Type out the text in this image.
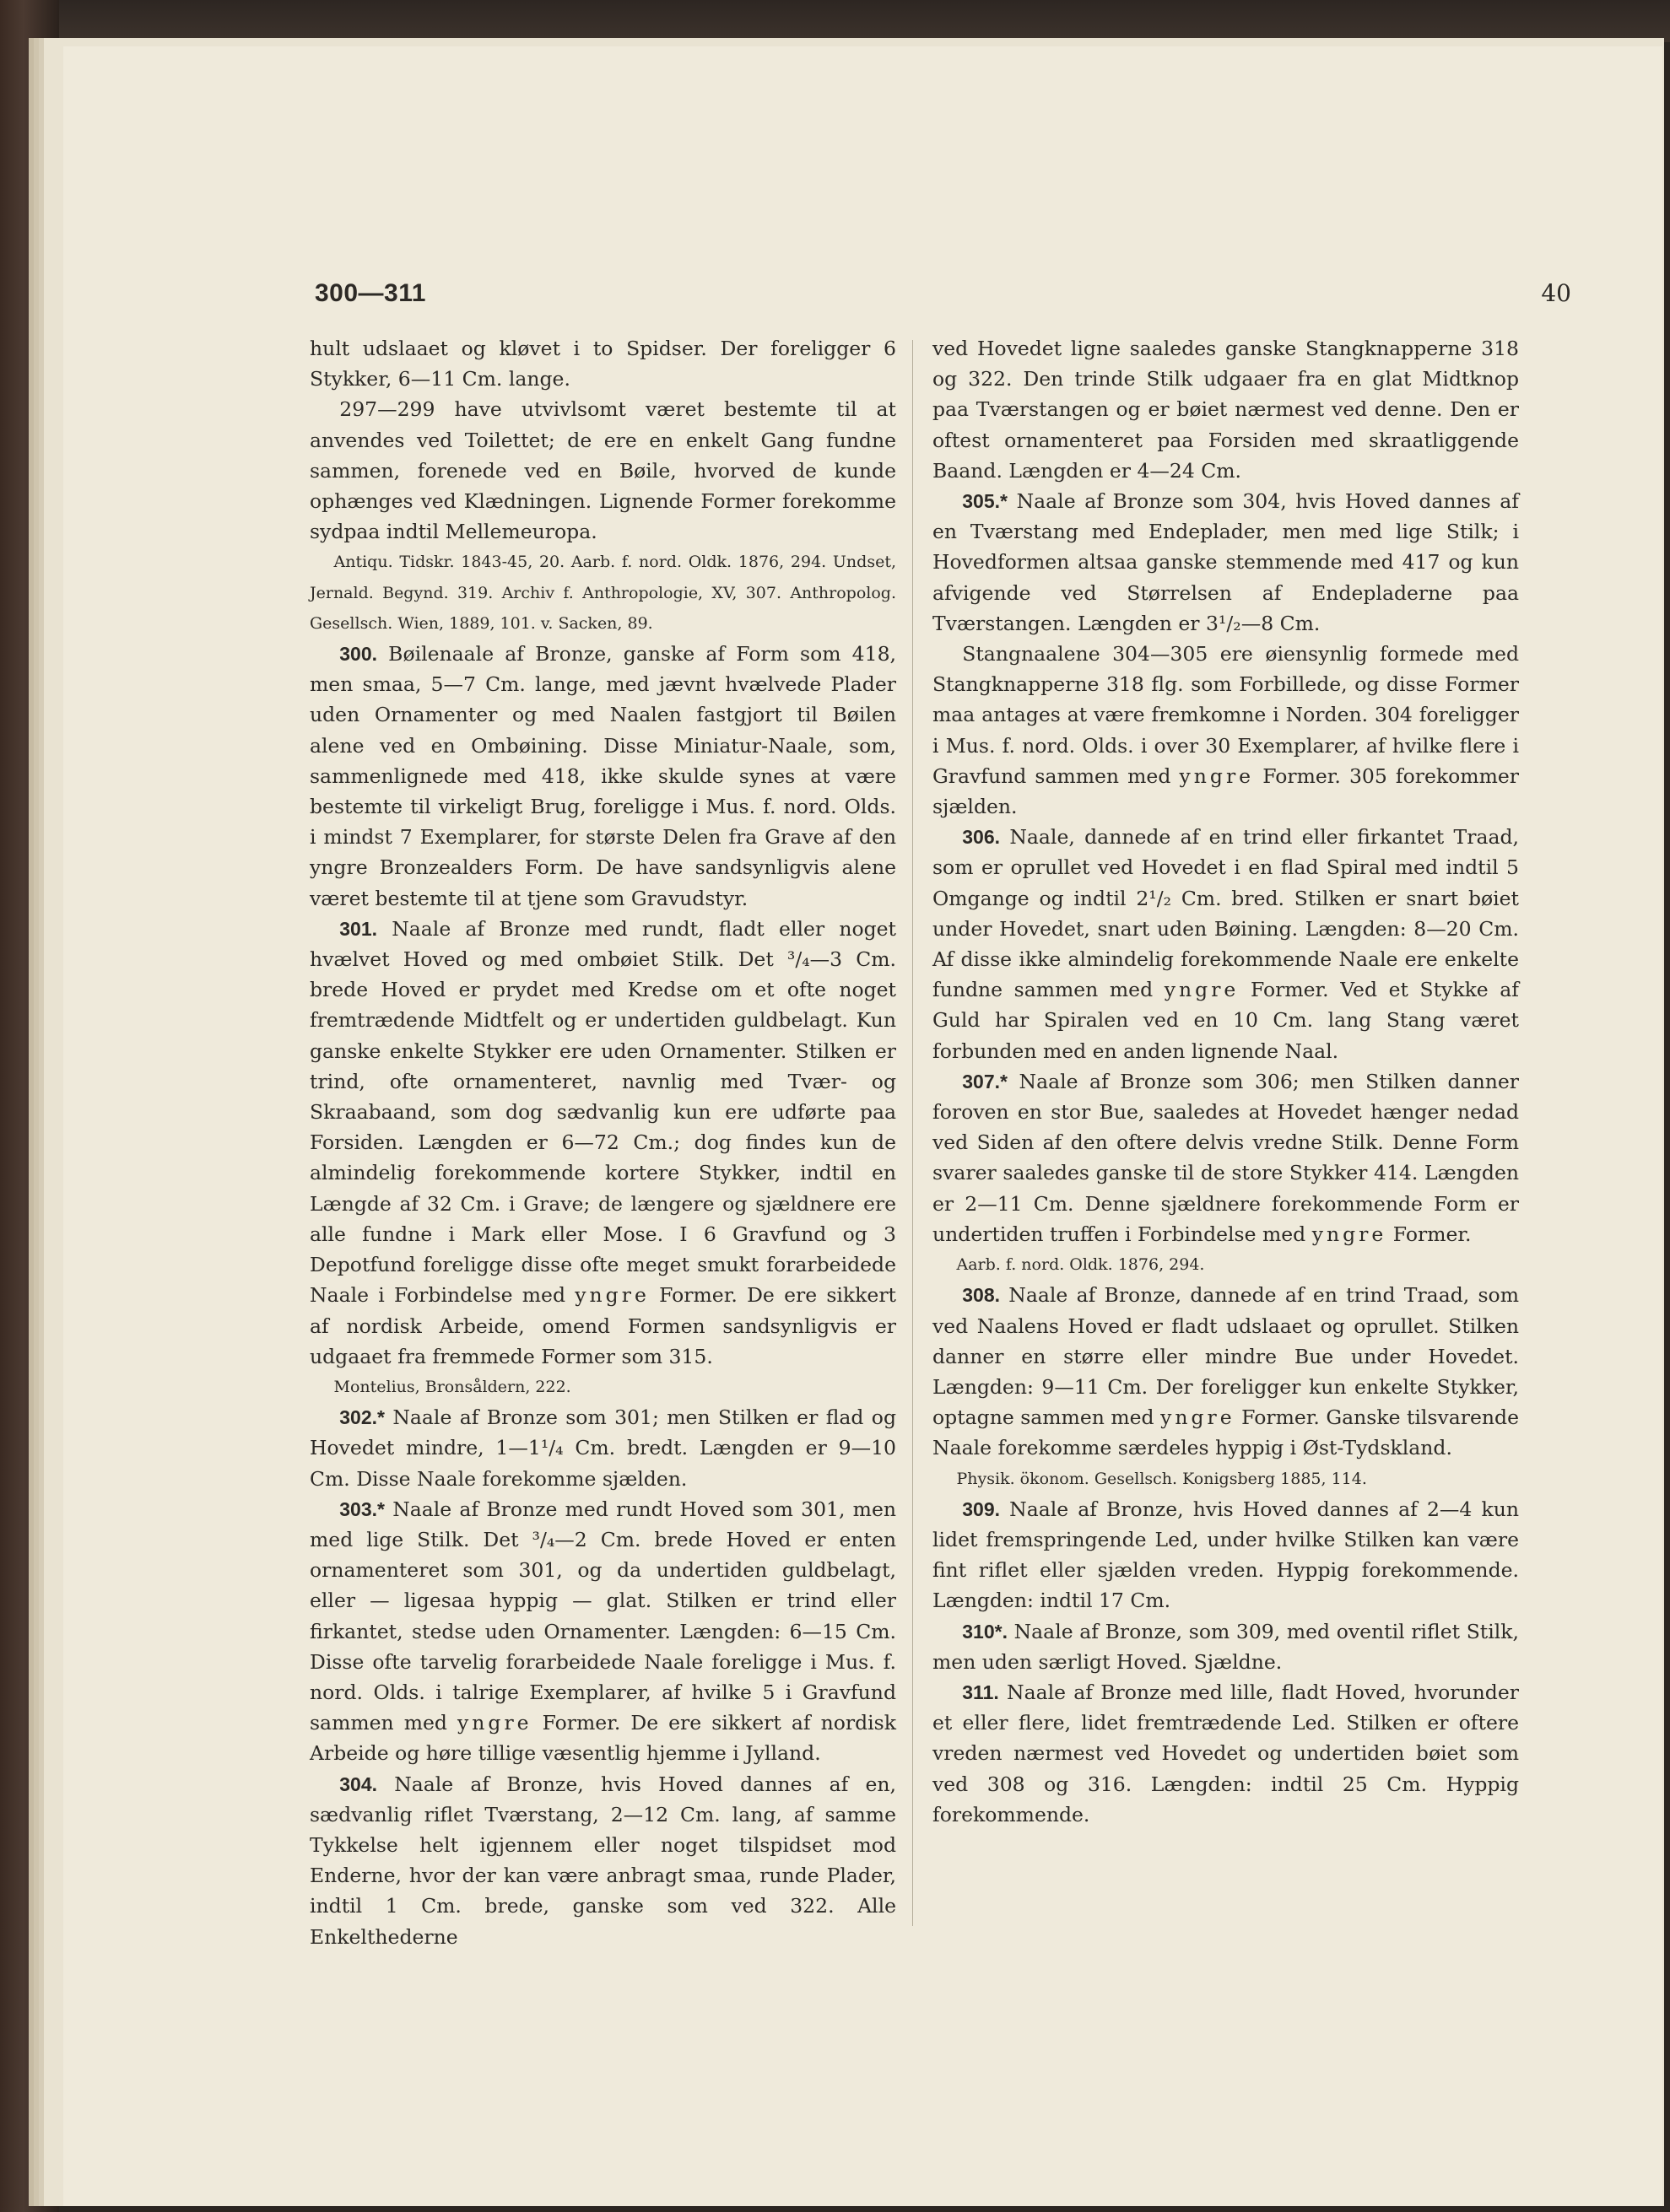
300—311	40

hult udslaaet og kløvet i to Spidser. Der foreligger 6 Stykker, 6—11 Cm. lange.

297—299 have utvivlsomt været bestemte til at anvendes ved Toilettet; de ere en enkelt Gang fundne sammen, forenede ved en Bøile, hvorved de kunde ophænges ved Klædningen. Lignende Former forekomme sydpaa indtil Mellemeuropa.

Antiqu. Tidskr. 1843-45, 20. Aarb. f. nord. Oldk. 1876, 294. Undset, Jernald. Begynd. 319. Archiv f. Anthropologie, XV, 307. Anthropolog. Gesellsch. Wien, 1889, 101. v. Sacken, 89.

300. Bøilenaale af Bronze, ganske af Form som 418, men smaa, 5—7 Cm. lange, med jævnt hvælvede Plader uden Ornamenter og med Naalen fastgjort til Bøilen alene ved en Ombøining. Disse Miniatur-Naale, som, sammenlignede med 418, ikke skulde synes at være bestemte til virkeligt Brug, foreligge i Mus. f. nord. Olds. i mindst 7 Exemplarer, for største Delen fra Grave af den yngre Bronzealders Form. De have sandsynligvis alene været bestemte til at tjene som Gravudstyr.

301. Naale af Bronze med rundt, fladt eller noget hvælvet Hoved og med ombøiet Stilk. Det ³/₄—3 Cm. brede Hoved er prydet med Kredse om et ofte noget fremtrædende Midtfelt og er undertiden guldbelagt. Kun ganske enkelte Stykker ere uden Ornamenter. Stilken er trind, ofte ornamenteret, navnlig med Tvær- og Skraabaand, som dog sædvanlig kun ere udførte paa Forsiden. Længden er 6—72 Cm.; dog findes kun de almindelig forekommende kortere Stykker, indtil en Længde af 32 Cm. i Grave; de længere og sjældnere ere alle fundne i Mark eller Mose. I 6 Gravfund og 3 Depotfund foreligge disse ofte meget smukt forarbeidede Naale i Forbindelse med yngre Former. De ere sikkert af nordisk Arbeide, omend Formen sandsynligvis er udgaaet fra fremmede Former som 315.

Montelius, Bronsåldern, 222.

302.* Naale af Bronze som 301; men Stilken er flad og Hovedet mindre, 1—1¹/₄ Cm. bredt. Længden er 9—10 Cm. Disse Naale forekomme sjælden.

303.* Naale af Bronze med rundt Hoved som 301, men med lige Stilk. Det ³/₄—2 Cm. brede Hoved er enten ornamenteret som 301, og da undertiden guldbelagt, eller — ligesaa hyppig — glat. Stilken er trind eller firkantet, stedse uden Ornamenter. Længden: 6—15 Cm. Disse ofte tarvelig forarbeidede Naale foreligge i Mus. f. nord. Olds. i talrige Exemplarer, af hvilke 5 i Gravfund sammen med yngre Former. De ere sikkert af nordisk Arbeide og høre tillige væsentlig hjemme i Jylland.

304. Naale af Bronze, hvis Hoved dannes af en, sædvanlig riflet Tværstang, 2—12 Cm. lang, af samme Tykkelse helt igjennem eller noget tilspidset mod Enderne, hvor der kan være anbragt smaa, runde Plader, indtil 1 Cm. brede, ganske som ved 322. Alle Enkelthederne

ved Hovedet ligne saaledes ganske Stangknapperne 318 og 322. Den trinde Stilk udgaaer fra en glat Midtknop paa Tværstangen og er bøiet nærmest ved denne. Den er oftest ornamenteret paa Forsiden med skraatliggende Baand. Længden er 4—24 Cm.

305.* Naale af Bronze som 304, hvis Hoved dannes af en Tværstang med Endeplader, men med lige Stilk; i Hovedformen altsaa ganske stemmende med 417 og kun afvigende ved Størrelsen af Endepladerne paa Tværstangen. Længden er 3¹/₂—8 Cm.

Stangnaalene 304—305 ere øiensynlig formede med Stangknapperne 318 flg. som Forbillede, og disse Former maa antages at være fremkomne i Norden. 304 foreligger i Mus. f. nord. Olds. i over 30 Exemplarer, af hvilke flere i Gravfund sammen med yngre Former. 305 forekommer sjælden.

306. Naale, dannede af en trind eller firkantet Traad, som er oprullet ved Hovedet i en flad Spiral med indtil 5 Omgange og indtil 2¹/₂ Cm. bred. Stilken er snart bøiet under Hovedet, snart uden Bøining. Længden: 8—20 Cm. Af disse ikke almindelig forekommende Naale ere enkelte fundne sammen med yngre Former. Ved et Stykke af Guld har Spiralen ved en 10 Cm. lang Stang været forbunden med en anden lignende Naal.

307.* Naale af Bronze som 306; men Stilken danner foroven en stor Bue, saaledes at Hovedet hænger nedad ved Siden af den oftere delvis vredne Stilk. Denne Form svarer saaledes ganske til de store Stykker 414. Længden er 2—11 Cm. Denne sjældnere forekommende Form er undertiden truffen i Forbindelse med yngre Former.

Aarb. f. nord. Oldk. 1876, 294.

308. Naale af Bronze, dannede af en trind Traad, som ved Naalens Hoved er fladt udslaaet og oprullet. Stilken danner en større eller mindre Bue under Hovedet. Længden: 9—11 Cm. Der foreligger kun enkelte Stykker, optagne sammen med yngre Former. Ganske tilsvarende Naale forekomme særdeles hyppig i Øst-Tydskland.

Physik. ökonom. Gesellsch. Konigsberg 1885, 114.

309. Naale af Bronze, hvis Hoved dannes af 2—4 kun lidet fremspringende Led, under hvilke Stilken kan være fint riflet eller sjælden vreden. Hyppig forekommende. Længden: indtil 17 Cm.

310*. Naale af Bronze, som 309, med oventil riflet Stilk, men uden særligt Hoved. Sjældne.

311. Naale af Bronze med lille, fladt Hoved, hvorunder et eller flere, lidet fremtrædende Led. Stilken er oftere vreden nærmest ved Hovedet og undertiden bøiet som ved 308 og 316. Længden: indtil 25 Cm. Hyppig forekommende.
